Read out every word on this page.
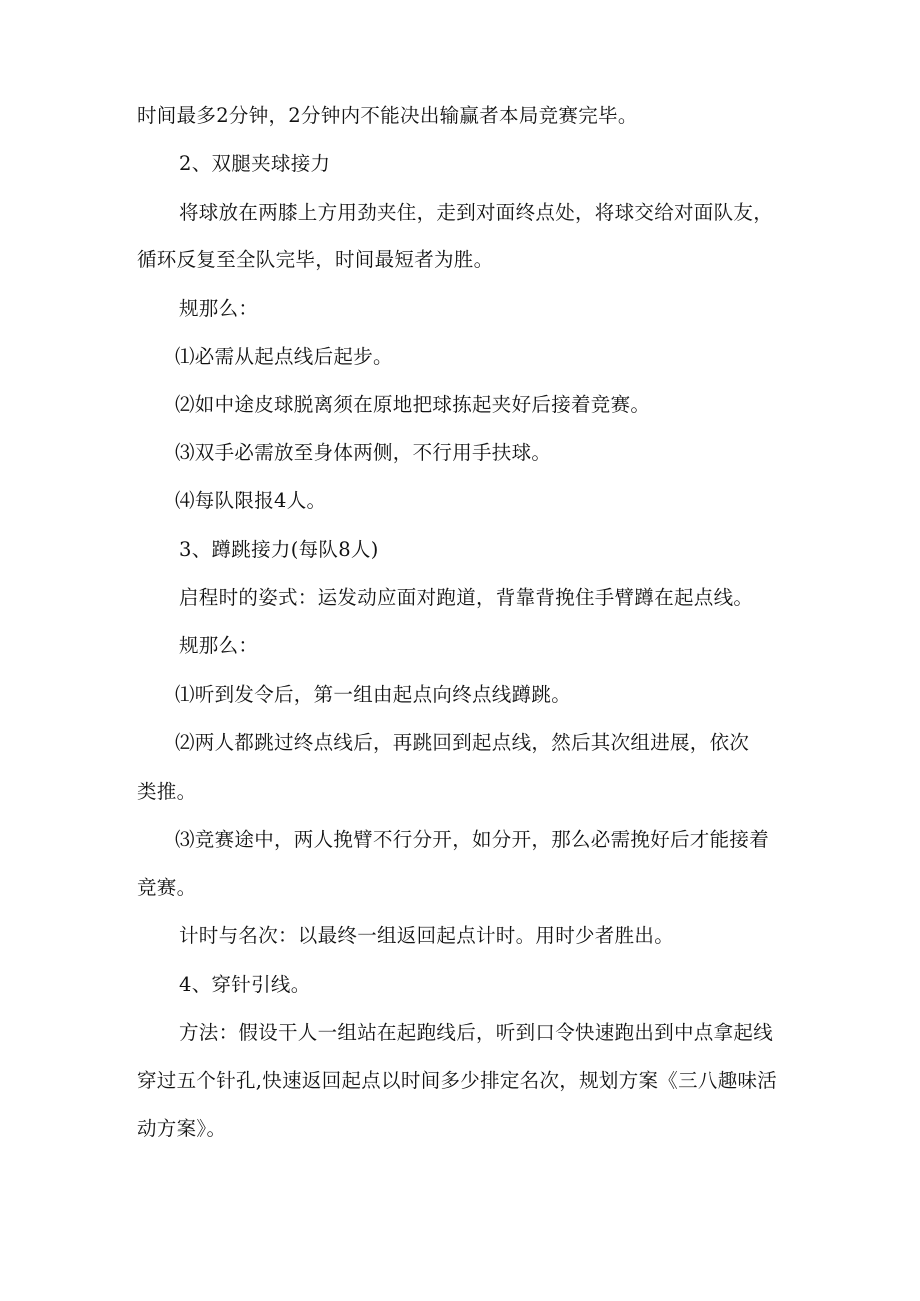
时间最多2分钟，2分钟内不能决出输赢者本局竞赛完毕。
2、双腿夹球接力
将球放在两膝上方用劲夹住，走到对面终点处，将球交给对面队友，
循环反复至全队完毕，时间最短者为胜。
规那么：
⑴必需从起点线后起步。
⑵如中途皮球脱离须在原地把球拣起夹好后接着竞赛。
⑶双手必需放至身体两侧，不行用手扶球。
⑷每队限报4人。
3、蹲跳接力(每队8人)
启程时的姿式：运发动应面对跑道，背靠背挽住手臂蹲在起点线。
规那么：
⑴听到发令后，第一组由起点向终点线蹲跳。
⑵两人都跳过终点线后，再跳回到起点线，然后其次组进展，依次
类推。
⑶竞赛途中，两人挽臂不行分开，如分开，那么必需挽好后才能接着
竞赛。
计时与名次：以最终一组返回起点计时。用时少者胜出。
4、穿针引线。
方法：假设干人一组站在起跑线后，听到口令快速跑出到中点拿起线
穿过五个针孔,快速返回起点以时间多少排定名次，规划方案《三八趣味活
动方案》。
